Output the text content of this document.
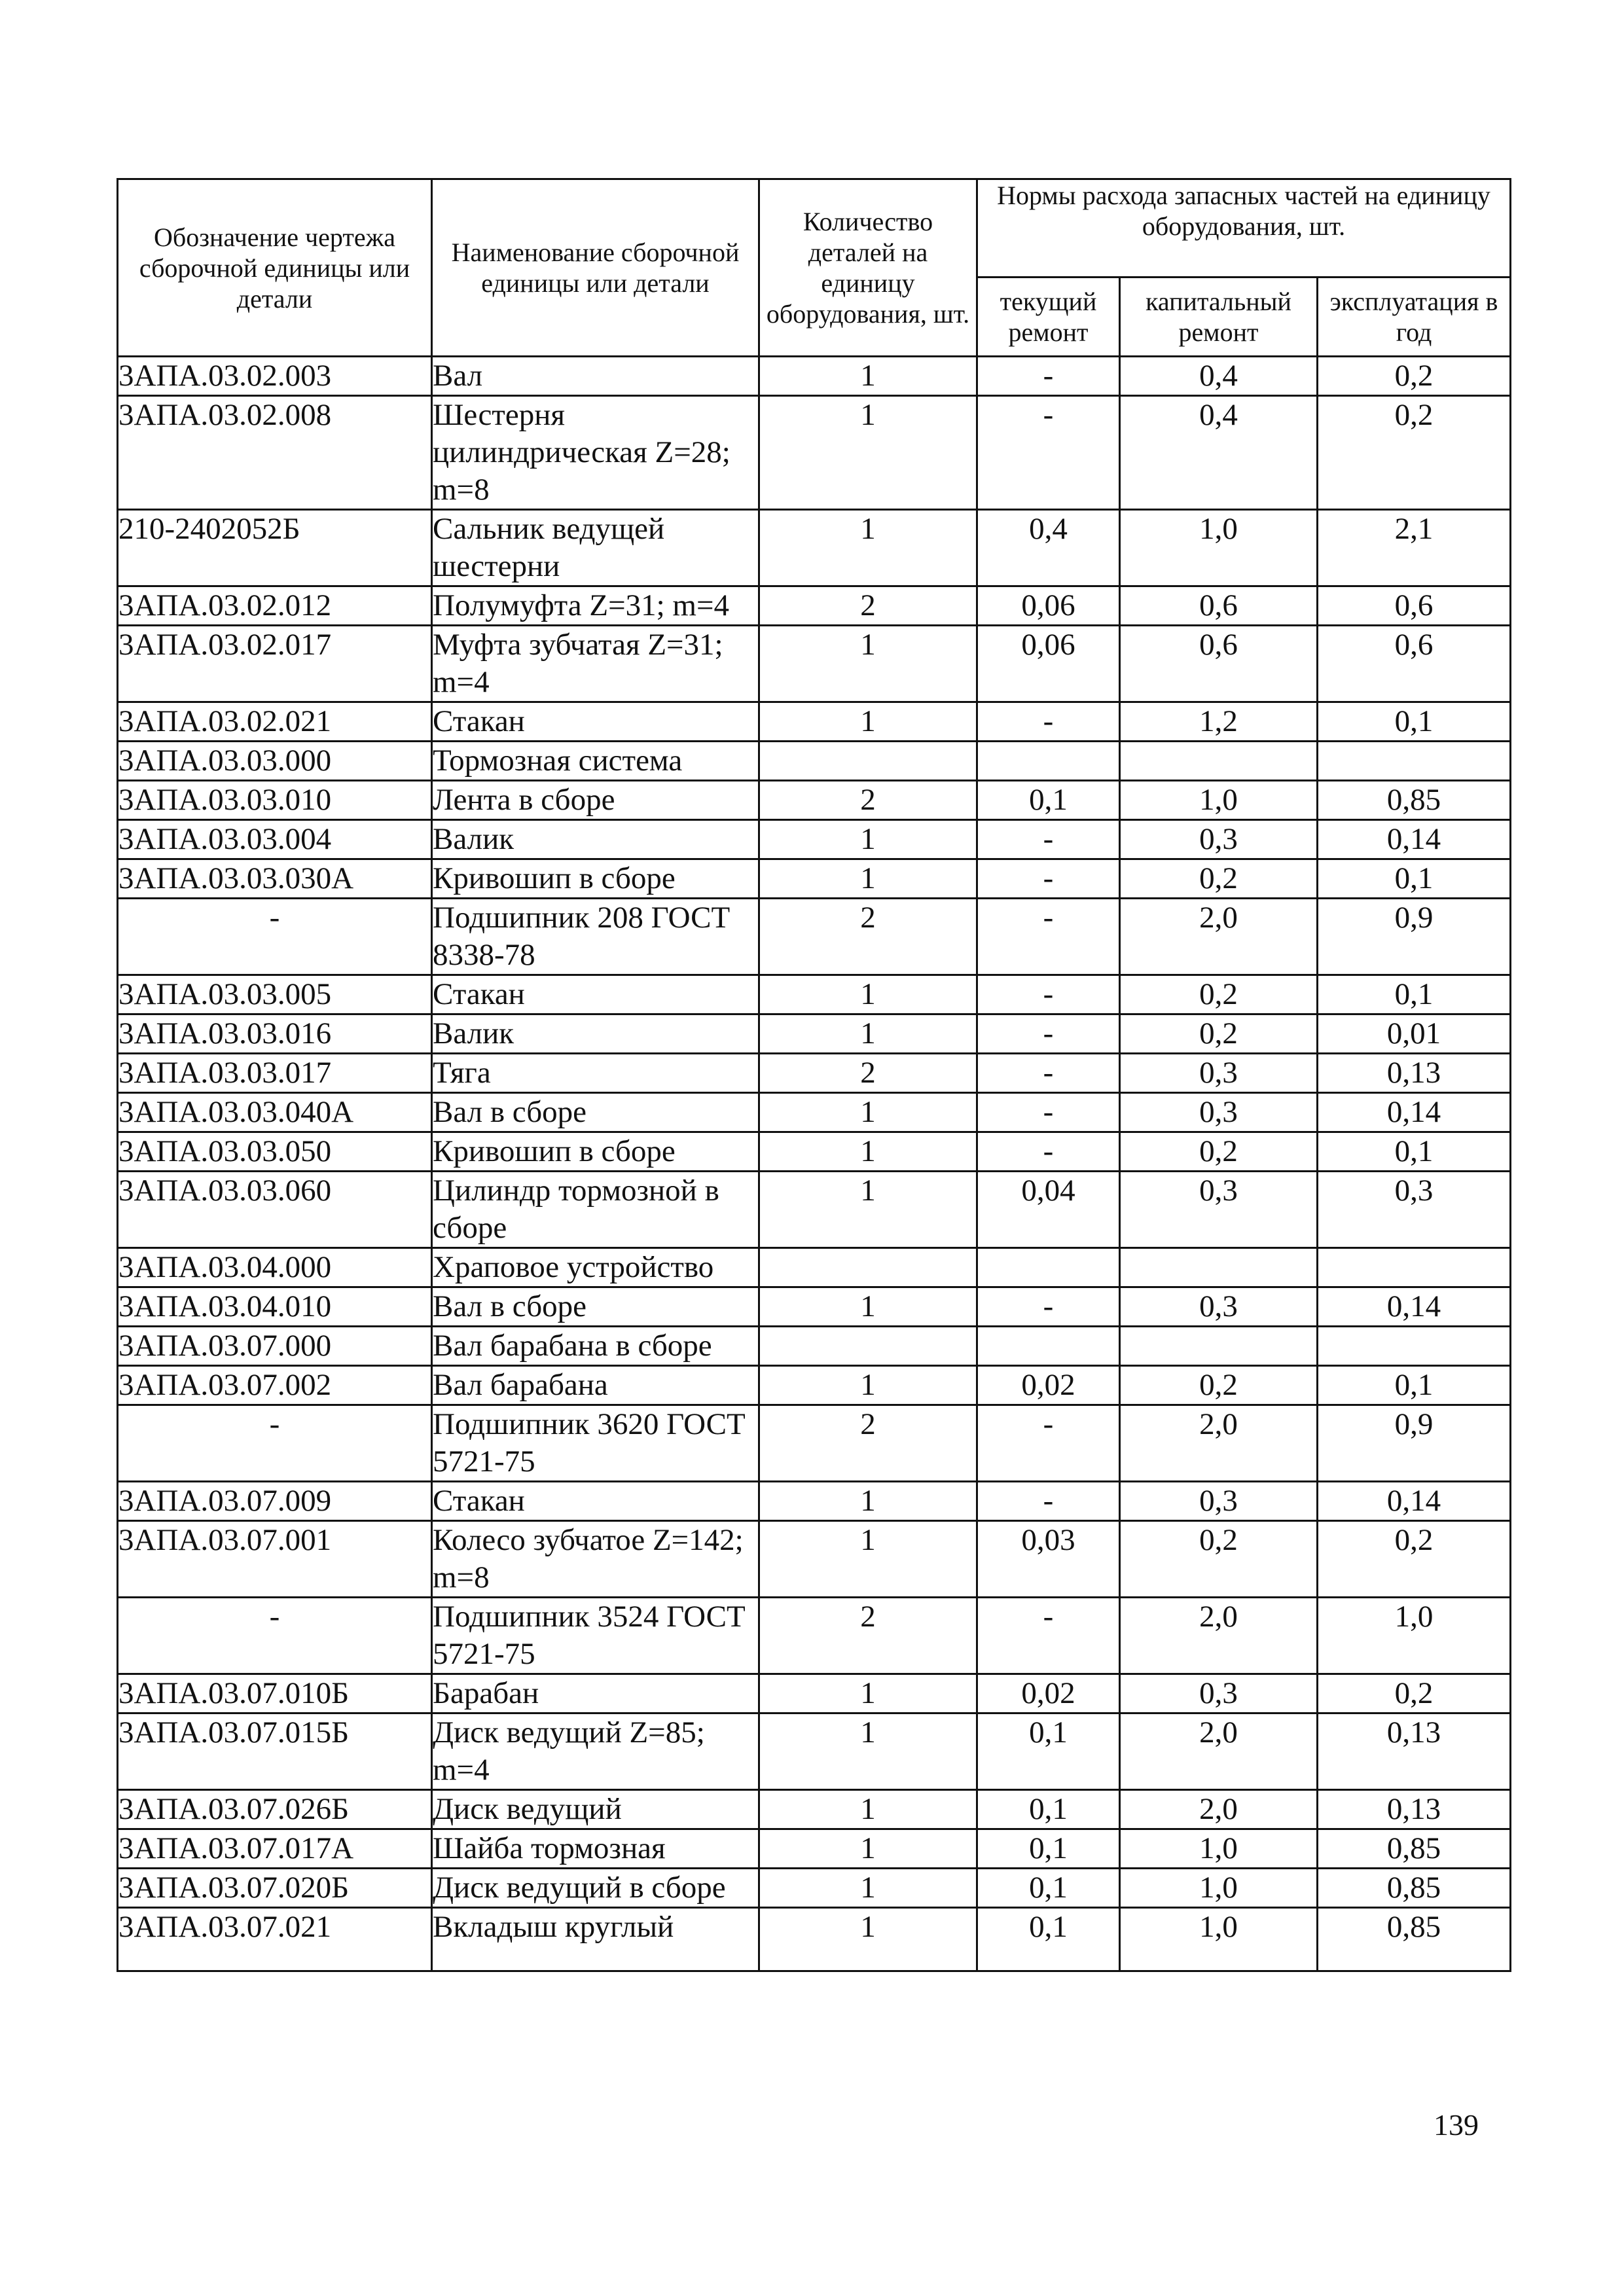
Обозначение чертежа сборочной единицы или детали	Наименование сборочной единицы или детали	Количество деталей на единицу оборудования, шт.	Нормы расхода запасных частей на единицу оборудования, шт.		
			текущий ремонт	капитальный ремонт	эксплуатация в год
3АПА.03.02.003	Вал	1	-	0,4	0,2
3АПА.03.02.008	Шестерня цилиндрическая Z=28; m=8	1	-	0,4	0,2
210-2402052Б	Сальник ведущей шестерни	1	0,4	1,0	2,1
3АПА.03.02.012	Полумуфта Z=31; m=4	2	0,06	0,6	0,6
3АПА.03.02.017	Муфта зубчатая Z=31; m=4	1	0,06	0,6	0,6
3АПА.03.02.021	Стакан	1	-	1,2	0,1
3АПА.03.03.000	Тормозная система				
3АПА.03.03.010	Лента в сборе	2	0,1	1,0	0,85
3АПА.03.03.004	Валик	1	-	0,3	0,14
3АПА.03.03.030А	Кривошип в сборе	1	-	0,2	0,1
-	Подшипник 208 ГОСТ 8338-78	2	-	2,0	0,9
3АПА.03.03.005	Стакан	1	-	0,2	0,1
3АПА.03.03.016	Валик	1	-	0,2	0,01
3АПА.03.03.017	Тяга	2	-	0,3	0,13
3АПА.03.03.040А	Вал в сборе	1	-	0,3	0,14
3АПА.03.03.050	Кривошип в сборе	1	-	0,2	0,1
3АПА.03.03.060	Цилиндр тормозной в сборе	1	0,04	0,3	0,3
3АПА.03.04.000	Храповое устройство				
3АПА.03.04.010	Вал в сборе	1	-	0,3	0,14
3АПА.03.07.000	Вал барабана в сборе				
3АПА.03.07.002	Вал барабана	1	0,02	0,2	0,1
-	Подшипник 3620 ГОСТ 5721-75	2	-	2,0	0,9
3АПА.03.07.009	Стакан	1	-	0,3	0,14
3АПА.03.07.001	Колесо зубчатое Z=142; m=8	1	0,03	0,2	0,2
-	Подшипник 3524 ГОСТ 5721-75	2	-	2,0	1,0
3АПА.03.07.010Б	Барабан	1	0,02	0,3	0,2
3АПА.03.07.015Б	Диск ведущий Z=85; m=4	1	0,1	2,0	0,13
3АПА.03.07.026Б	Диск ведущий	1	0,1	2,0	0,13
3АПА.03.07.017А	Шайба тормозная	1	0,1	1,0	0,85
3АПА.03.07.020Б	Диск ведущий в сборе	1	0,1	1,0	0,85
3АПА.03.07.021	Вкладыш круглый	1	0,1	1,0	0,85
139
